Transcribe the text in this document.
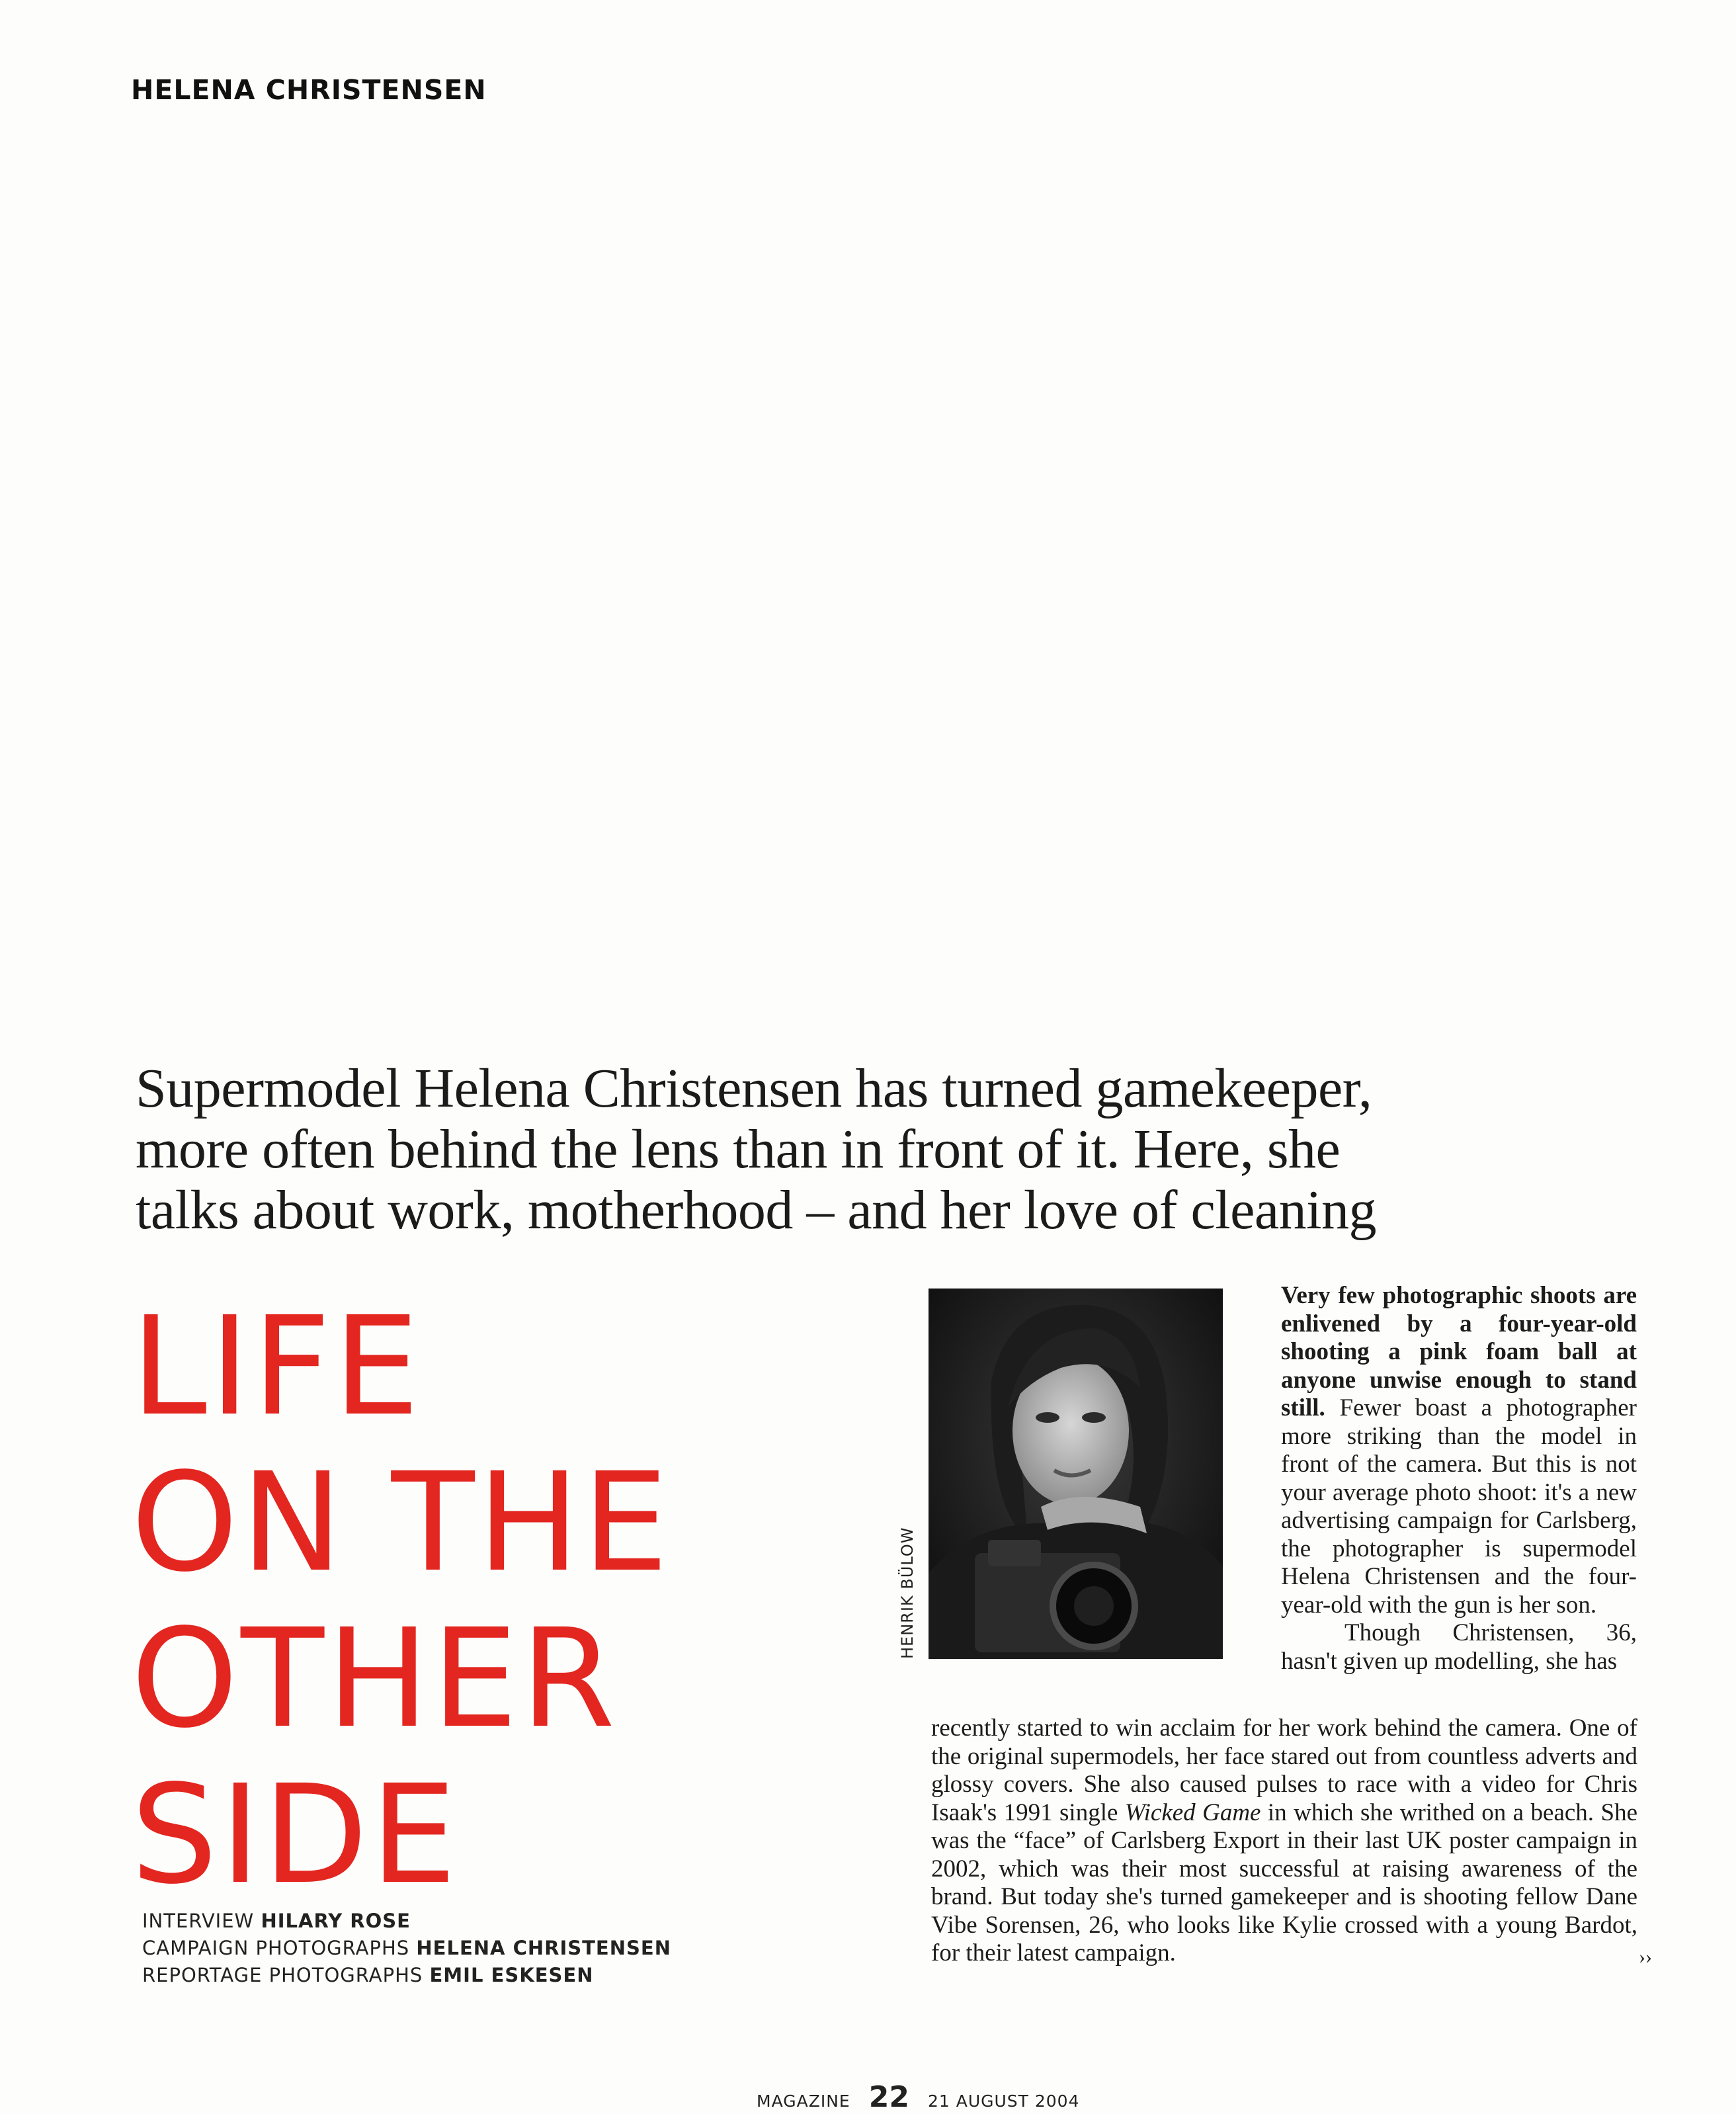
HELENA CHRISTENSEN
Supermodel Helena Christensen has turned gamekeeper,
more often behind the lens than in front of it. Here, she
talks about work, motherhood – and her love of cleaning
LIFE
ON THE
OTHER
SIDE
INTERVIEW HILARY ROSE
CAMPAIGN PHOTOGRAPHS HELENA CHRISTENSEN
REPORTAGE PHOTOGRAPHS EMIL ESKESEN
HENRIK BÜLOW

Very few photographic shoots are enlivened by a four-year-old shooting a pink foam ball at anyone unwise enough to stand still. Fewer boast a photographer more striking than the model in front of the camera. But this is not your average photo shoot: it's a new advertising campaign for Carlsberg, the photographer is supermodel Helena Christensen and the four-year-old with the gun is her son.

Though Christensen, 36, hasn't given up modelling, she has

recently started to win acclaim for her work behind the camera. One of the original supermodels, her face stared out from countless adverts and glossy covers. She also caused pulses to race with a video for Chris Isaak's 1991 single Wicked Game in which she writhed on a beach. She was the “face” of Carlsberg Export in their last UK poster campaign in 2002, which was their most successful at raising awareness of the brand. But today she's turned gamekeeper and is shooting fellow Dane Vibe Sorensen, 26, who looks like Kylie crossed with a young Bardot, for their latest campaign.	››
MAGAZINE 22 21 AUGUST 2004
